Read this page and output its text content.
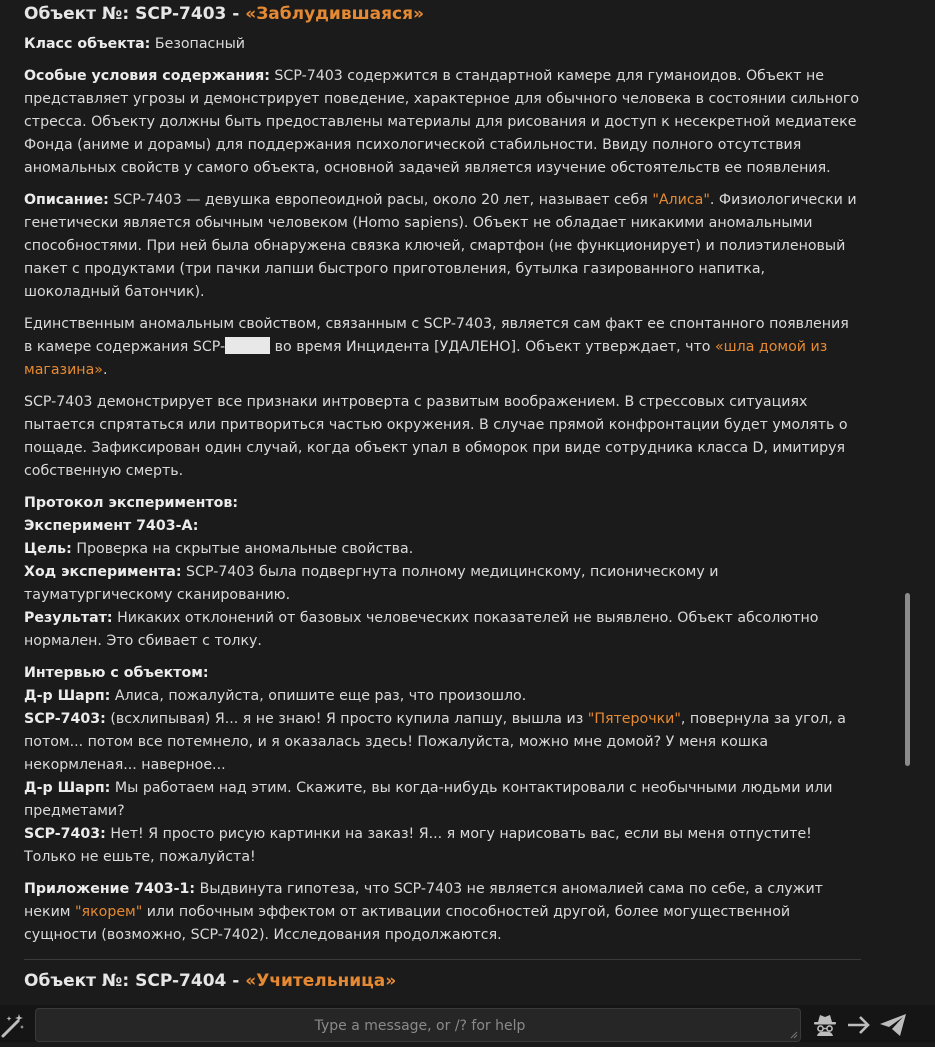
Объект №: SCP-7403 - «Заблудившаяся»

Класс объекта: Безопасный

Особые условия содержания: SCP-7403 содержится в стандартной камере для гуманоидов. Объект не представляет угрозы и демонстрирует поведение, характерное для обычного человека в состоянии сильного стресса. Объекту должны быть предоставлены материалы для рисования и доступ к несекретной медиатеке Фонда (аниме и дорамы) для поддержания психологической стабильности. Ввиду полного отсутствия аномальных свойств у самого объекта, основной задачей является изучение обстоятельств ее появления.

Описание: SCP-7403 — девушка европеоидной расы, около 20 лет, называет себя "Алиса". Физиологически и генетически является обычным человеком (Homo sapiens). Объект не обладает никакими аномальными способностями. При ней была обнаружена связка ключей, смартфон (не функционирует) и полиэтиленовый пакет с продуктами (три пачки лапши быстрого приготовления, бутылка газированного напитка, шоколадный батончик).

Единственным аномальным свойством, связанным с SCP-7403, является сам факт ее спонтанного появления в камере содержания SCP-	во время Инцидента [УДАЛЕНО]. Объект утверждает, что «шла домой из магазина».

SCP-7403 демонстрирует все признаки интроверта с развитым воображением. В стрессовых ситуациях пытается спрятаться или притвориться частью окружения. В случае прямой конфронтации будет умолять о пощаде. Зафиксирован один случай, когда объект упал в обморок при виде сотрудника класса D, имитируя собственную смерть.

Протокол экспериментов:

Эксперимент 7403-A:

Цель: Проверка на скрытые аномальные свойства.

Ход эксперимента: SCP-7403 была подвергнута полному медицинскому, псионическому и тауматургическому сканированию.

Результат: Никаких отклонений от базовых человеческих показателей не выявлено. Объект абсолютно нормален. Это сбивает с толку.

Интервью с объектом:

Д-р Шарп: Алиса, пожалуйста, опишите еще раз, что произошло.

SCP-7403: (всхлипывая) Я... я не знаю! Я просто купила лапшу, вышла из "Пятерочки", повернула за угол, а потом... потом все потемнело, и я оказалась здесь! Пожалуйста, можно мне домой? У меня кошка некормленая... наверное...

Д-р Шарп: Мы работаем над этим. Скажите, вы когда-нибудь контактировали с необычными людьми или предметами?

SCP-7403: Нет! Я просто рисую картинки на заказ! Я... я могу нарисовать вас, если вы меня отпустите! Только не ешьте, пожалуйста!

Приложение 7403-1: Выдвинута гипотеза, что SCP-7403 не является аномалией сама по себе, а служит неким "якорем" или побочным эффектом от активации способностей другой, более могущественной сущности (возможно, SCP-7402). Исследования продолжаются.

Объект №: SCP-7404 - «Учительница»
Type a message, or /? for help
